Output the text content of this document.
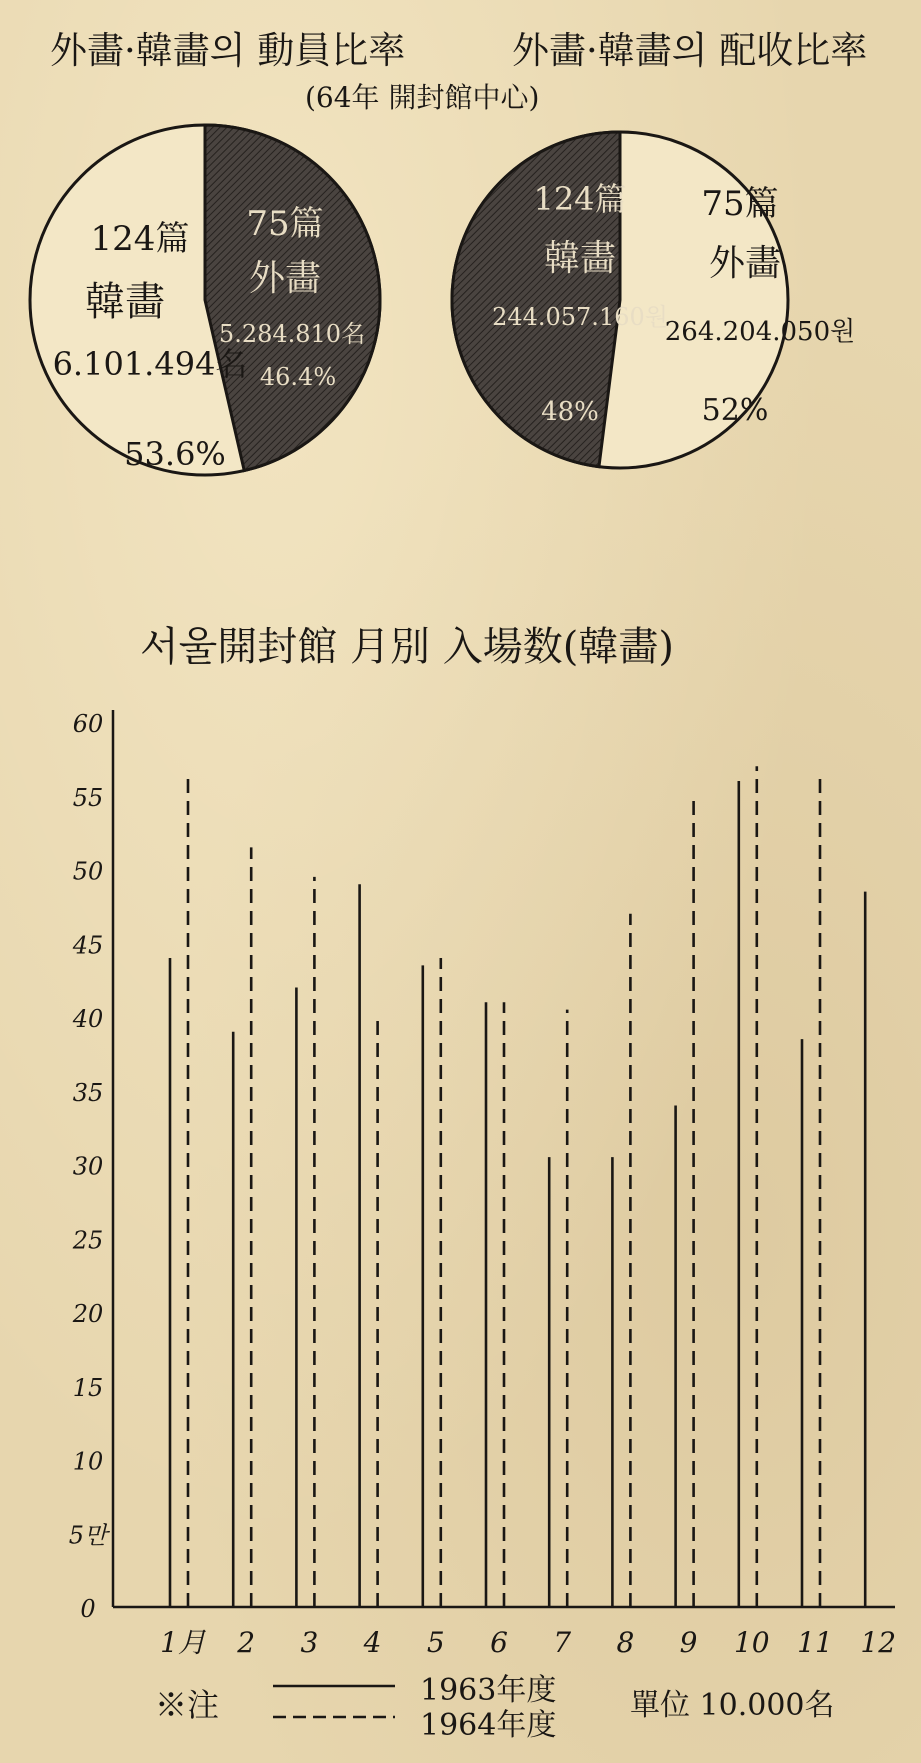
外畵·韓畵의 動員比率	外畵·韓畵의 配收比率
(64年 開封館中心)
서울開封館 月別 入場数(韓畵)
75篇
外畵
5.284.810名
46.4%
124篇
韓畵
6.101.494名
53.6%
124篇
韓畵
244.057.160원
48%
75篇
外畵
264.204.050원
52%
0
5만
10
15
20
25
30
35
40
45
50
55
60
1月 2 3 4 5 6 7 8 9 10 11 12
※注	1963年度
1964年度
單位 10.000名
